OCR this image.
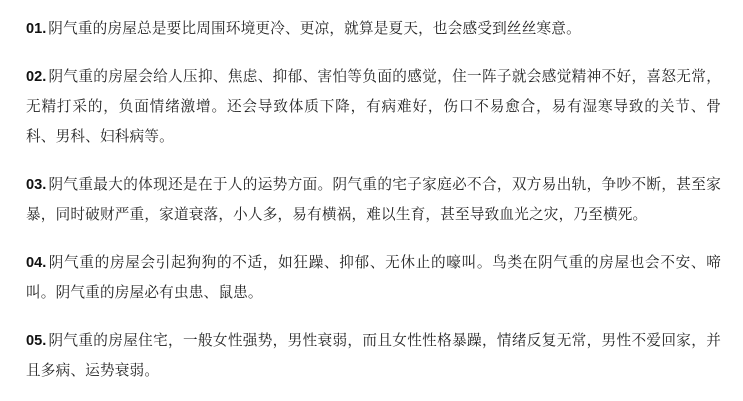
01. 阴气重的房屋总是要比周围环境更冷、更凉，就算是夏天，也会感受到丝丝寒意。

02. 阴气重的房屋会给人压抑、焦虑、抑郁、害怕等负面的感觉，住一阵子就会感觉精神不好，喜怒无常，无精打采的，负面情绪激增。还会导致体质下降，有病难好，伤口不易愈合，易有湿寒导致的关节、骨科、男科、妇科病等。

03. 阴气重最大的体现还是在于人的运势方面。阴气重的宅子家庭必不合，双方易出轨，争吵不断，甚至家暴，同时破财严重，家道衰落，小人多，易有横祸，难以生育，甚至导致血光之灾，乃至横死。

04. 阴气重的房屋会引起狗狗的不适，如狂躁、抑郁、无休止的嚎叫。鸟类在阴气重的房屋也会不安、啼叫。阴气重的房屋必有虫患、鼠患。

05. 阴气重的房屋住宅，一般女性强势，男性衰弱，而且女性性格暴躁，情绪反复无常，男性不爱回家，并且多病、运势衰弱。
